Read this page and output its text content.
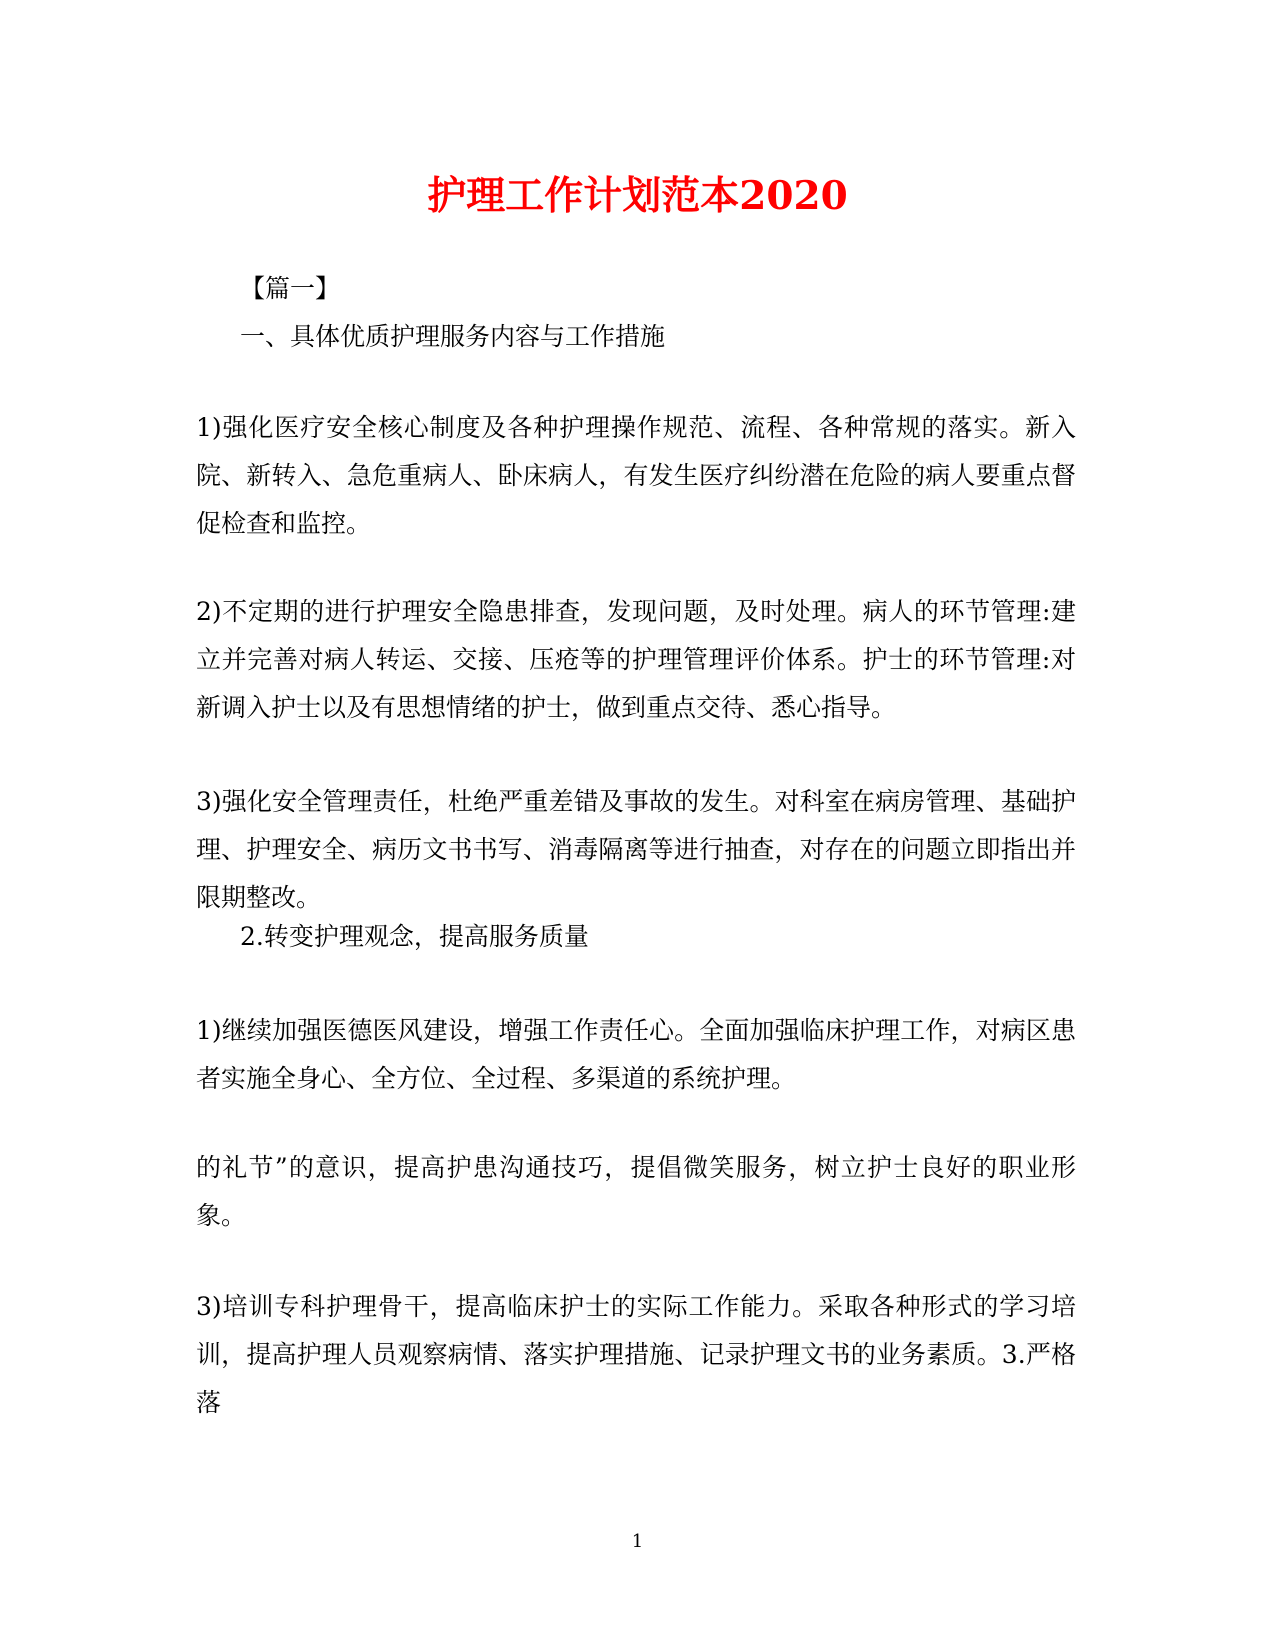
护理工作计划范本2020

【篇一】

一、具体优质护理服务内容与工作措施

1)强化医疗安全核心制度及各种护理操作规范、流程、各种常规的落实。新入院、新转入、急危重病人、卧床病人，有发生医疗纠纷潜在危险的病人要重点督促检查和监控。

2)不定期的进行护理安全隐患排查，发现问题，及时处理。病人的环节管理:建立并完善对病人转运、交接、压疮等的护理管理评价体系。护士的环节管理:对新调入护士以及有思想情绪的护士，做到重点交待、悉心指导。

3)强化安全管理责任，杜绝严重差错及事故的发生。对科室在病房管理、基础护理、护理安全、病历文书书写、消毒隔离等进行抽查，对存在的问题立即指出并限期整改。

2.转变护理观念，提高服务质量

1)继续加强医德医风建设，增强工作责任心。全面加强临床护理工作，对病区患者实施全身心、全方位、全过程、多渠道的系统护理。

的礼节”的意识，提高护患沟通技巧，提倡微笑服务，树立护士良好的职业形象。

3)培训专科护理骨干，提高临床护士的实际工作能力。采取各种形式的学习培训，提高护理人员观察病情、落实护理措施、记录护理文书的业务素质。3.严格落

1
